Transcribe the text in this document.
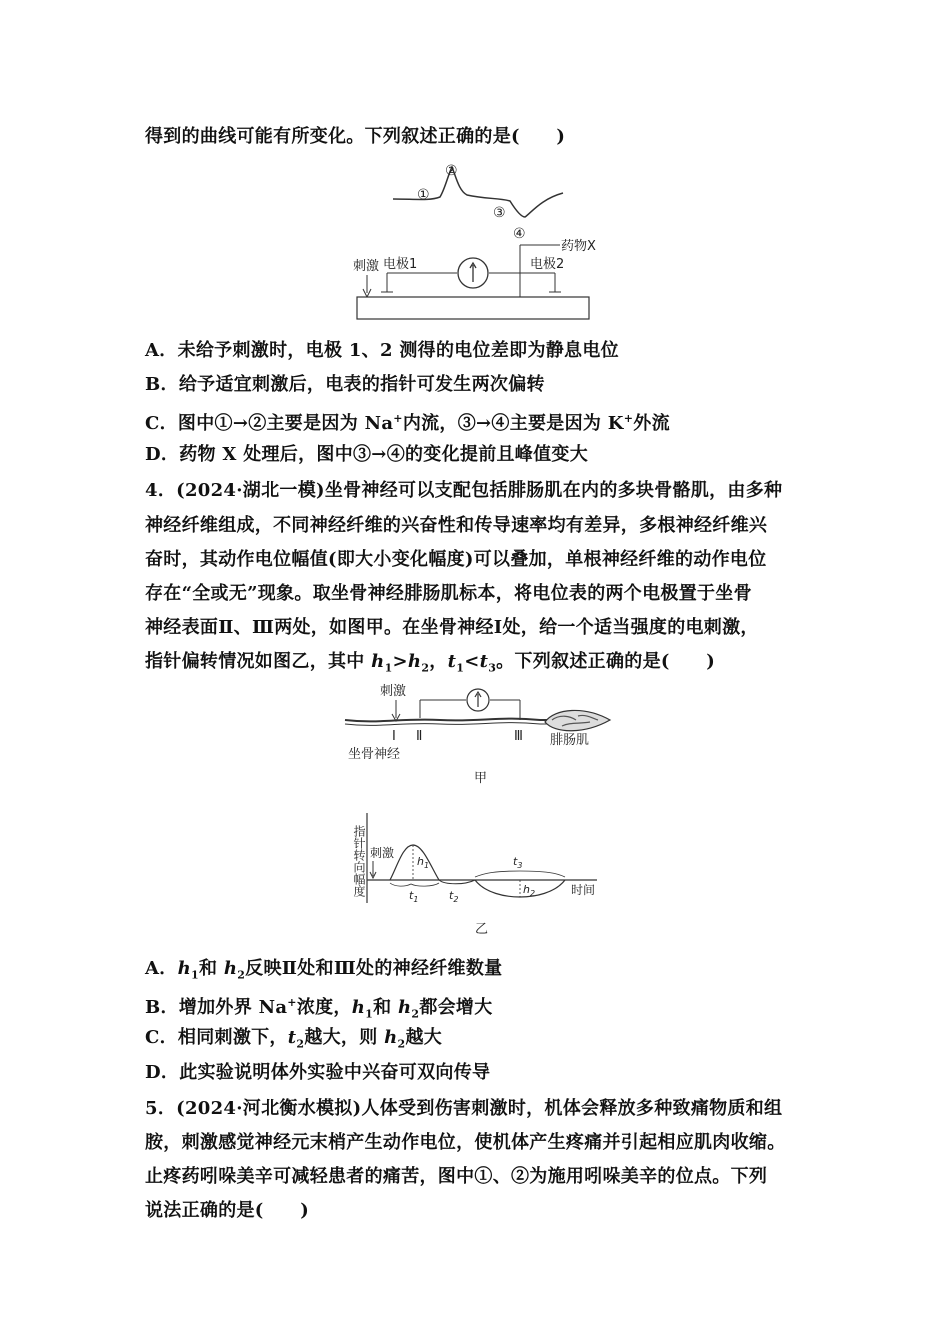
得到的曲线可能有所变化。下列叙述正确的是(　　)
①
②
③
④
药物X
刺激 电极1	电极2
A．未给予刺激时，电极 1、2 测得的电位差即为静息电位
B．给予适宜刺激后，电表的指针可发生两次偏转
C．图中①→②主要是因为 Na+内流，③→④主要是因为 K+外流
D．药物 X 处理后，图中③→④的变化提前且峰值变大
4．(2024·湖北一模)坐骨神经可以支配包括腓肠肌在内的多块骨骼肌，由多种
神经纤维组成，不同神经纤维的兴奋性和传导速率均有差异，多根神经纤维兴
奋时，其动作电位幅值(即大小变化幅度)可以叠加，单根神经纤维的动作电位
存在“全或无”现象。取坐骨神经腓肠肌标本，将电位表的两个电极置于坐骨
神经表面Ⅱ、Ⅲ两处，如图甲。在坐骨神经Ⅰ处，给一个适当强度的电刺激，
指针偏转情况如图乙，其中 $h_1>h_2$，$t_1<t_3$。下列叙述正确的是(　　)
刺激
Ⅰ Ⅱ	Ⅲ
坐骨神经
腓肠肌
甲
指针转向幅度 刺激
$h_1$
$t_1$	$t_2$
$t_3$
$h_2$	时间
乙
A．$h_1$和 $h_2$反映Ⅱ处和Ⅲ处的神经纤维数量
B．增加外界 Na+浓度，$h_1$和 $h_2$都会增大
C．相同刺激下，$t_2$越大，则 $h_2$越大
D．此实验说明体外实验中兴奋可双向传导
5．(2024·河北衡水模拟)人体受到伤害刺激时，机体会释放多种致痛物质和组
胺，刺激感觉神经元末梢产生动作电位，使机体产生疼痛并引起相应肌肉收缩。
止疼药吲哚美辛可减轻患者的痛苦，图中①、②为施用吲哚美辛的位点。下列
说法正确的是(　　)
